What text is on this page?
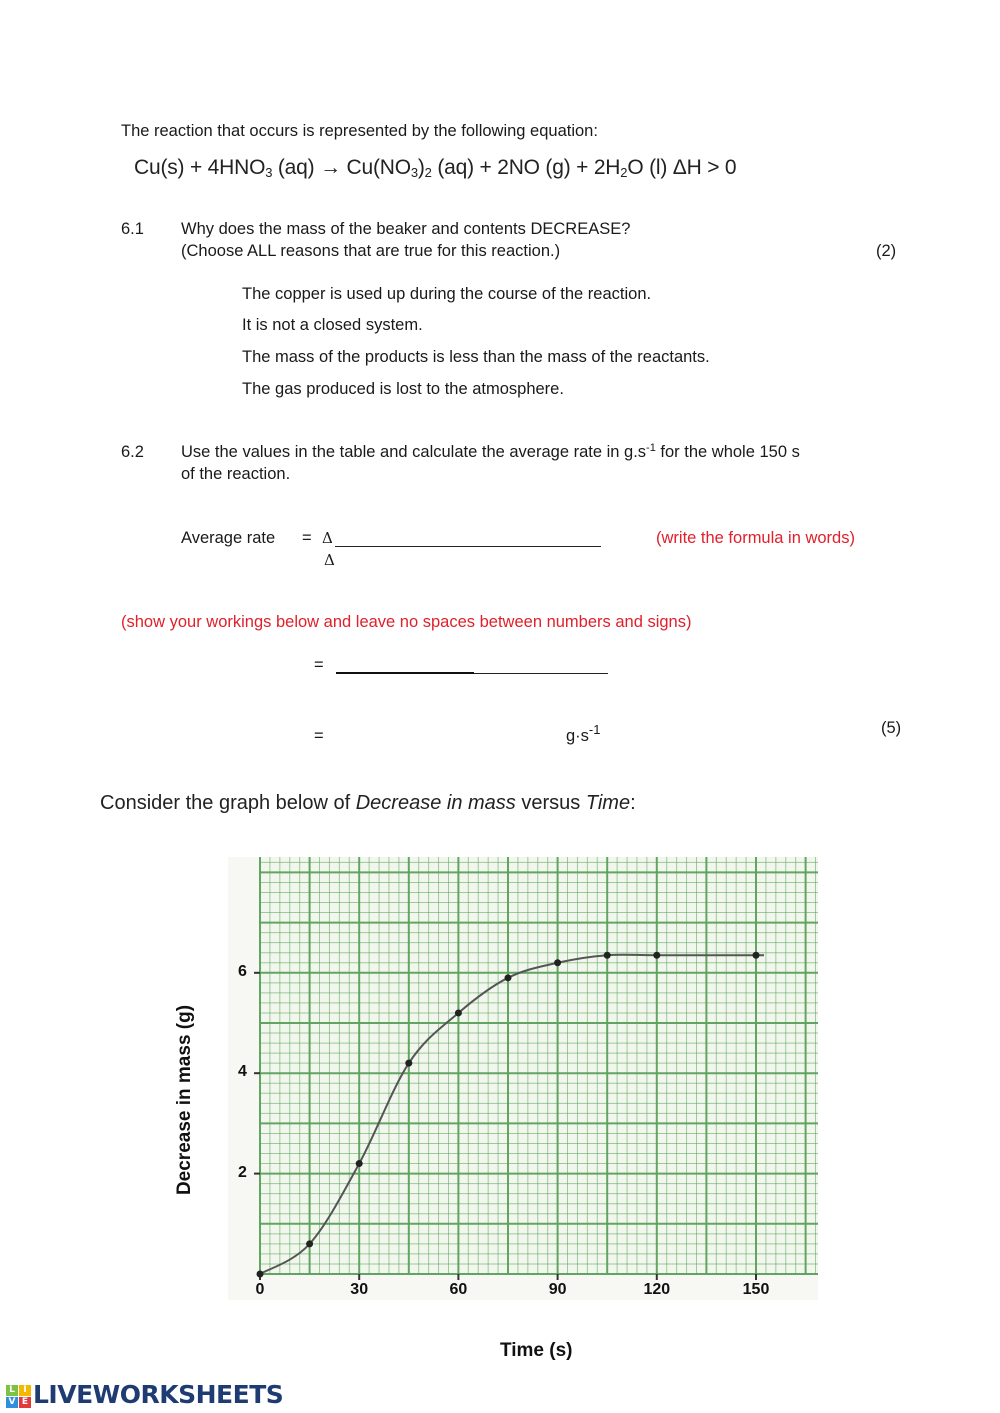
The reaction that occurs is represented by the following equation:
$Cu(s) + 4HNO_3$ $(aq) \to Cu(NO_3)_2$ (aq) + 2NO $(g) + 2H_2O$ (l) ΔH > 0
6.1 Why does the mass of the beaker and contents DECREASE?
(Choose ALL reasons that are true for this reaction.)	(2)
The copper is used up during the course of the reaction.
It is not a closed system.
The mass of the products is less than the mass of the reactants.
The gas produced is lost to the atmosphere.
6.2 Use the values in the table and calculate the average rate in $g.s^{-1}$ for the whole 150 s
of the reaction.
Average rate = Δ
Δ
(write the formula in words)
(show your workings below and leave no spaces between numbers and signs)
=
=	$g\cdot s^{-1}$	(5)
Consider the graph below of Decrease in mass versus Time:
0	30	60	90	120	150
2
4
6
Time (s)
Decrease in mass (g)
L I
V E LIVEWORKSHEETS
